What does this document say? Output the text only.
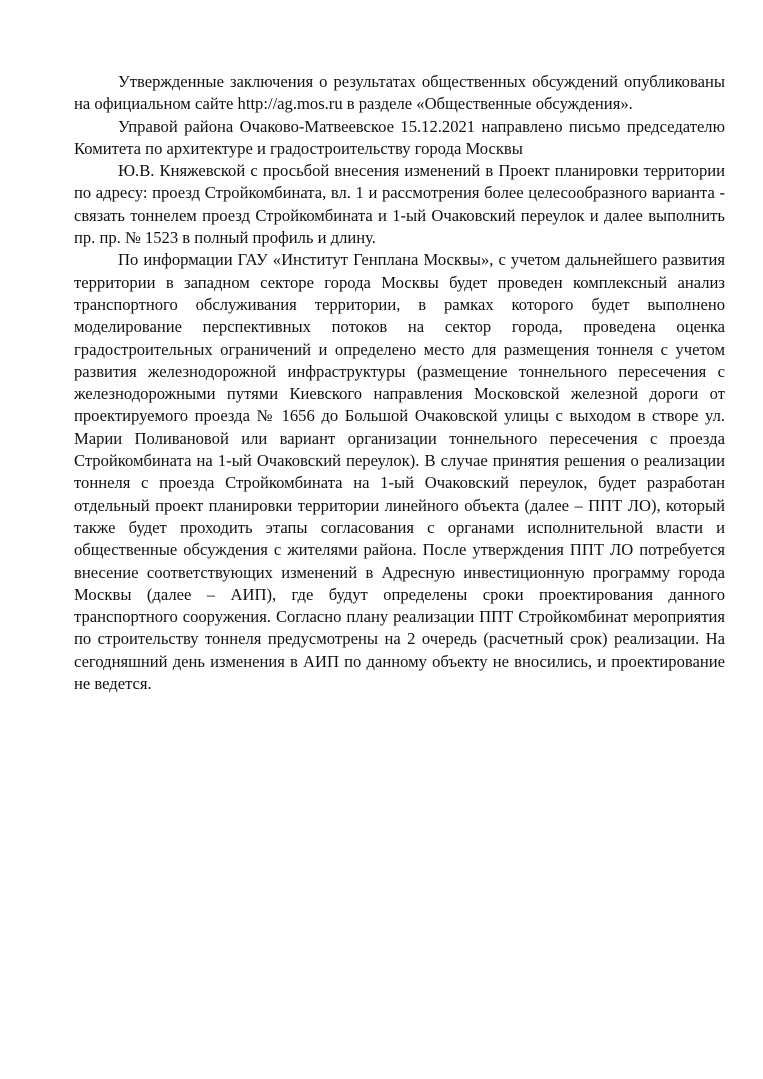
Утвержденные заключения о результатах общественных обсуждений опубликованы на официальном сайте http://ag.mos.ru в разделе «Общественные обсуждения».

Управой района Очаково-Матвеевское 15.12.2021 направлено письмо председателю Комитета по архитектуре и градостроительству города Москвы

Ю.В. Княжевской с просьбой внесения изменений в Проект планировки территории по адресу: проезд Стройкомбината, вл. 1 и рассмотрения более целесообразного варианта - связать тоннелем проезд Стройкомбината и 1-ый Очаковский переулок и далее выполнить пр. пр. № 1523 в полный профиль и длину.

По информации ГАУ «Институт Генплана Москвы», с учетом дальнейшего развития территории в западном секторе города Москвы будет проведен комплексный анализ транспортного обслуживания территории, в рамках которого будет выполнено моделирование перспективных потоков на сектор города, проведена оценка градостроительных ограничений и определено место для размещения тоннеля с учетом развития железнодорожной инфраструктуры (размещение тоннельного пересечения с железнодорожными путями Киевского направления Московской железной дороги от проектируемого проезда № 1656 до Большой Очаковской улицы с выходом в створе ул. Марии Поливановой или вариант организации тоннельного пересечения с проезда Стройкомбината на 1-ый Очаковский переулок). В случае принятия решения о реализации тоннеля с проезда Стройкомбината на 1-ый Очаковский переулок, будет разработан отдельный проект планировки территории линейного объекта (далее – ППТ ЛО), который также будет проходить этапы согласования с органами исполнительной власти и общественные обсуждения с жителями района. После утверждения ППТ ЛО потребуется внесение соответствующих изменений в Адресную инвестиционную программу города Москвы (далее – АИП), где будут определены сроки проектирования данного транспортного сооружения. Согласно плану реализации ППТ Стройкомбинат мероприятия по строительству тоннеля предусмотрены на 2 очередь (расчетный срок) реализации. На сегодняшний день изменения в АИП по данному объекту не вносились, и проектирование не ведется.
